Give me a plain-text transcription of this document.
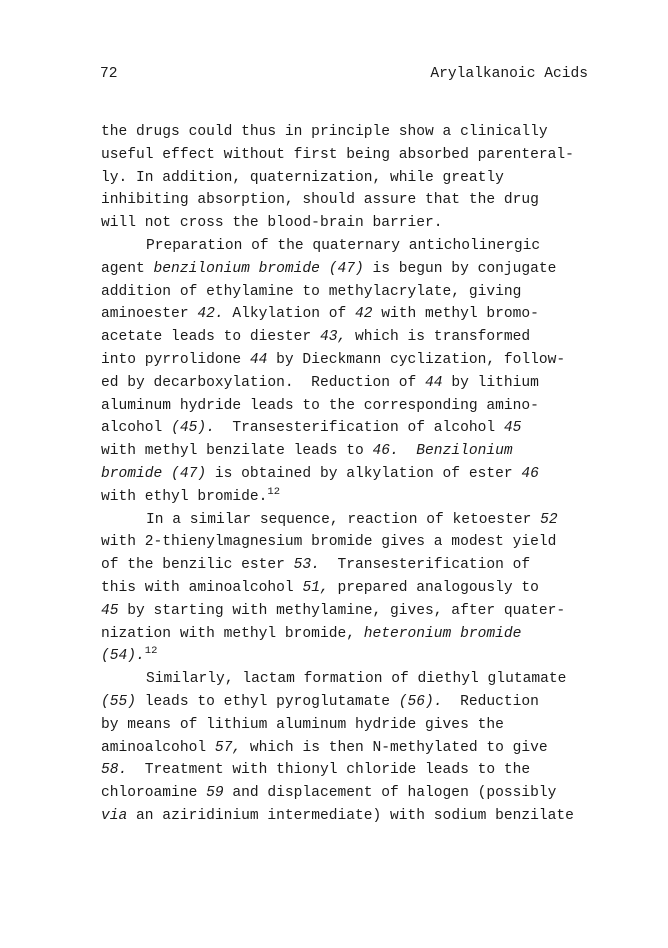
72	Arylalkanoic Acids
the drugs could thus in principle show a clinically
useful effect without first being absorbed parenteral-
ly. In addition, quaternization, while greatly
inhibiting absorption, should assure that the drug
will not cross the blood-brain barrier.
Preparation of the quaternary anticholinergic
agent benzilonium bromide (47) is begun by conjugate
addition of ethylamine to methylacrylate, giving
aminoester 42. Alkylation of 42 with methyl bromo-
acetate leads to diester 43, which is transformed
into pyrrolidone 44 by Dieckmann cyclization, follow-
ed by decarboxylation.  Reduction of 44 by lithium
aluminum hydride leads to the corresponding amino-
alcohol (45).  Transesterification of alcohol 45
with methyl benzilate leads to 46. Benzilonium
bromide (47) is obtained by alkylation of ester 46
with ethyl bromide.$^{12}$
In a similar sequence, reaction of ketoester 52
with 2-thienylmagnesium bromide gives a modest yield
of the benzilic ester 53.  Transesterification of
this with aminoalcohol 51, prepared analogously to
45 by starting with methylamine, gives, after quater-
nization with methyl bromide, heteronium bromide
(54).$^{12}$
Similarly, lactam formation of diethyl glutamate
(55) leads to ethyl pyroglutamate (56).  Reduction
by means of lithium aluminum hydride gives the
aminoalcohol 57, which is then N-methylated to give
58.  Treatment with thionyl chloride leads to the
chloroamine 59 and displacement of halogen (possibly
via an aziridinium intermediate) with sodium benzilate
